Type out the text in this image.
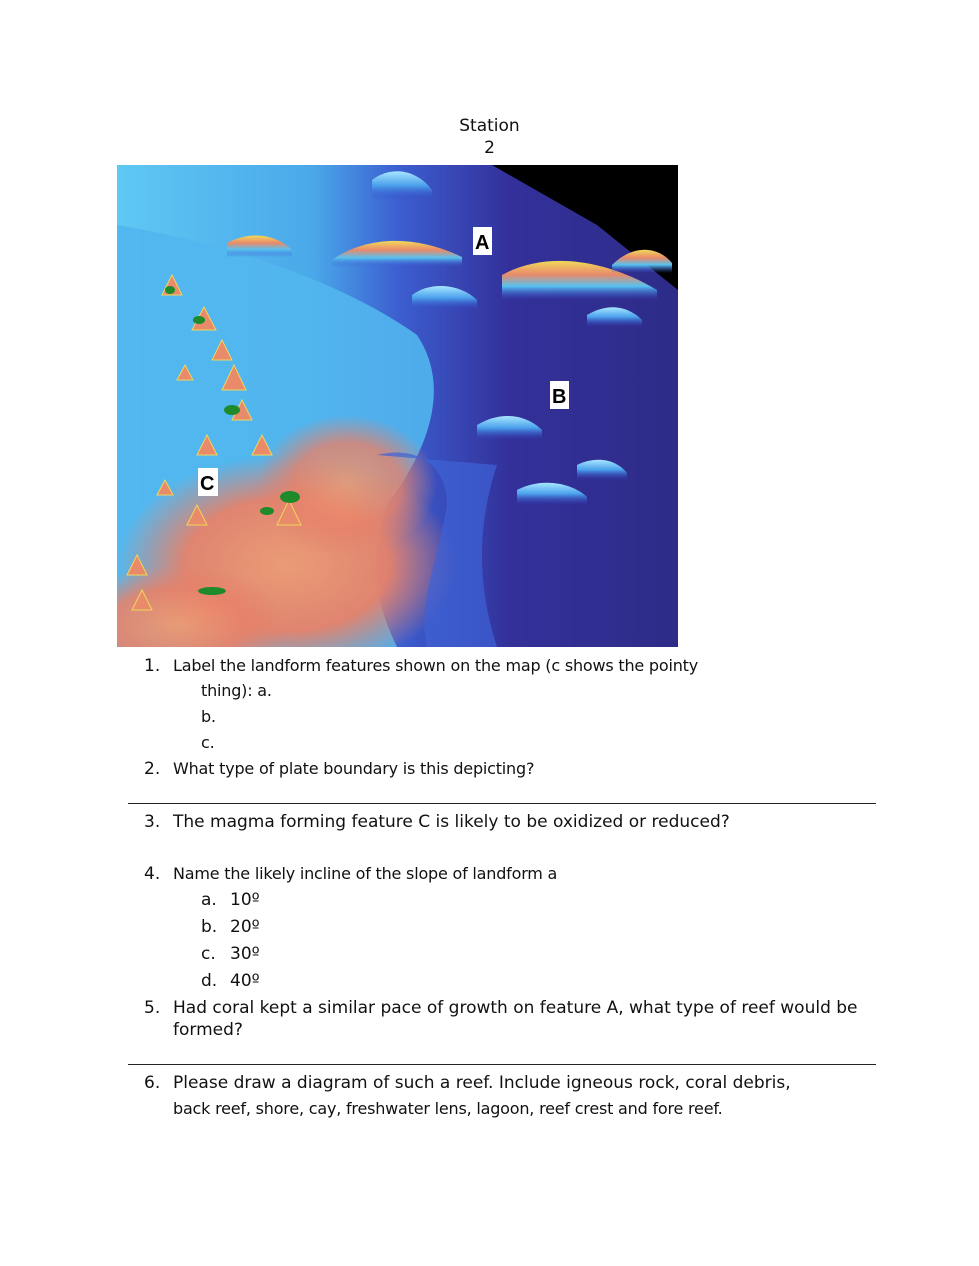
Station
2
A
B
C
1. Label the landform features shown on the map (c shows the pointy
thing): a.
b.
c.
2. What type of plate boundary is this depicting?
3. The magma forming feature C is likely to be oxidized or reduced?
4. Name the likely incline of the slope of landform a
a. 10º
b. 20º
c. 30º
d. 40º
5. Had coral kept a similar pace of growth on feature A, what type of reef would be
formed?
6. Please draw a diagram of such a reef. Include igneous rock, coral debris,
back reef, shore, cay, freshwater lens, lagoon, reef crest and fore reef.
